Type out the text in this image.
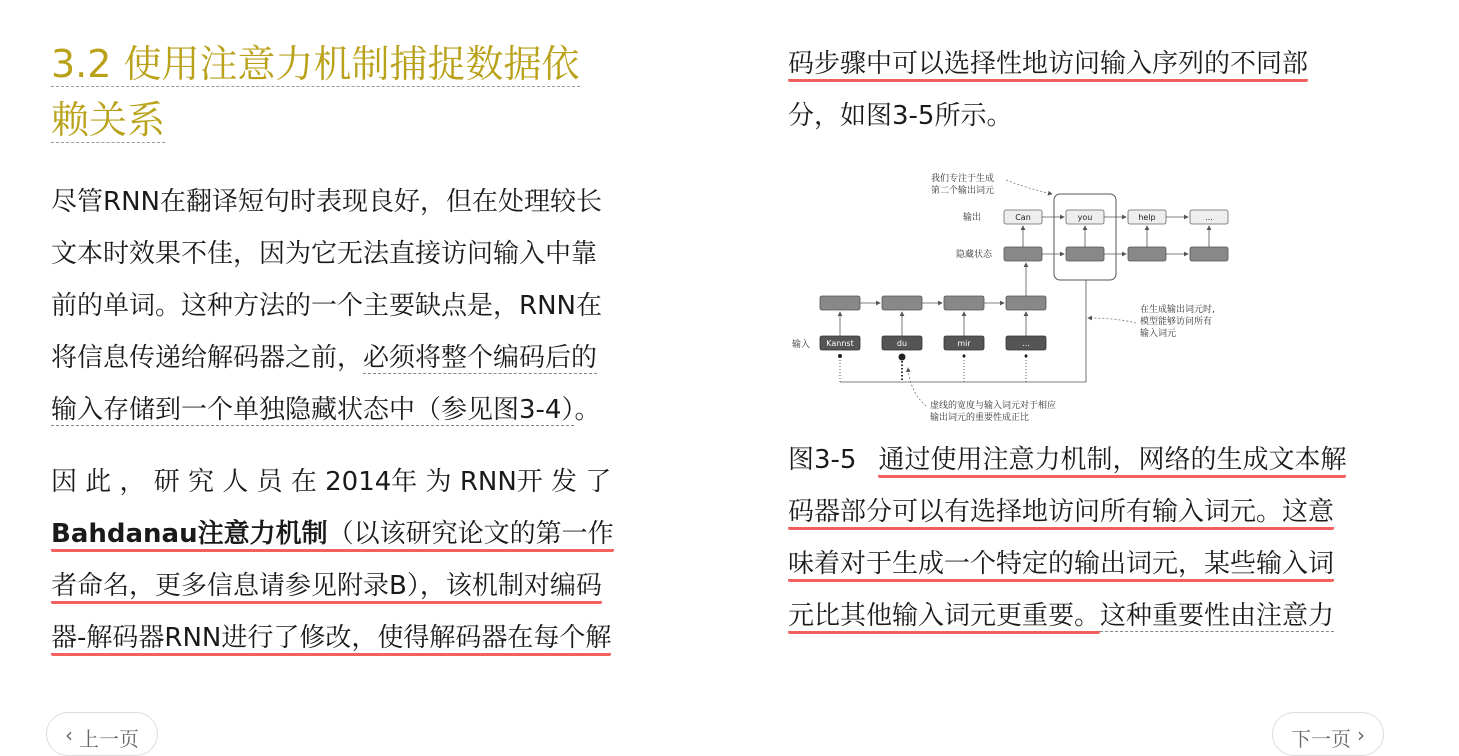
3.2 使用注意力机制捕捉数据依
赖关系

尽管RNN在翻译短句时表现良好，但在处理较长
文本时效果不佳，因为它无法直接访问输入中靠
前的单词。这种方法的一个主要缺点是，RNN在
将信息传递给解码器之前，必须将整个编码后的
输入存储到一个单独隐藏状态中（参见图3-4）。

因 此 ， 研 究 人 员 在 2014年 为 RNN开 发 了
Bahdanau注意力机制（以该研究论文的第一作
者命名，更多信息请参见附录B），该机制对编码
器-解码器RNN进行了修改，使得解码器在每个解

码步骤中可以选择性地访问输入序列的不同部
分，如图3-5所示。

我们专注于生成
第二个输出词元
输出
隐藏状态
输入
Can	you
Kannst	du	mir	...
在生成输出词元时,
模型能够访问所有
输入词元
虚线的宽度与输入词元对于相应
输出词元的重要性成正比
help	...

图3-5 通过使用注意力机制，网络的生成文本解
码器部分可以有选择地访问所有输入词元。这意
味着对于生成一个特定的输出词元，某些输入词
元比其他输入词元更重要。这种重要性由注意力

‹ 上一页	下一页 ›
